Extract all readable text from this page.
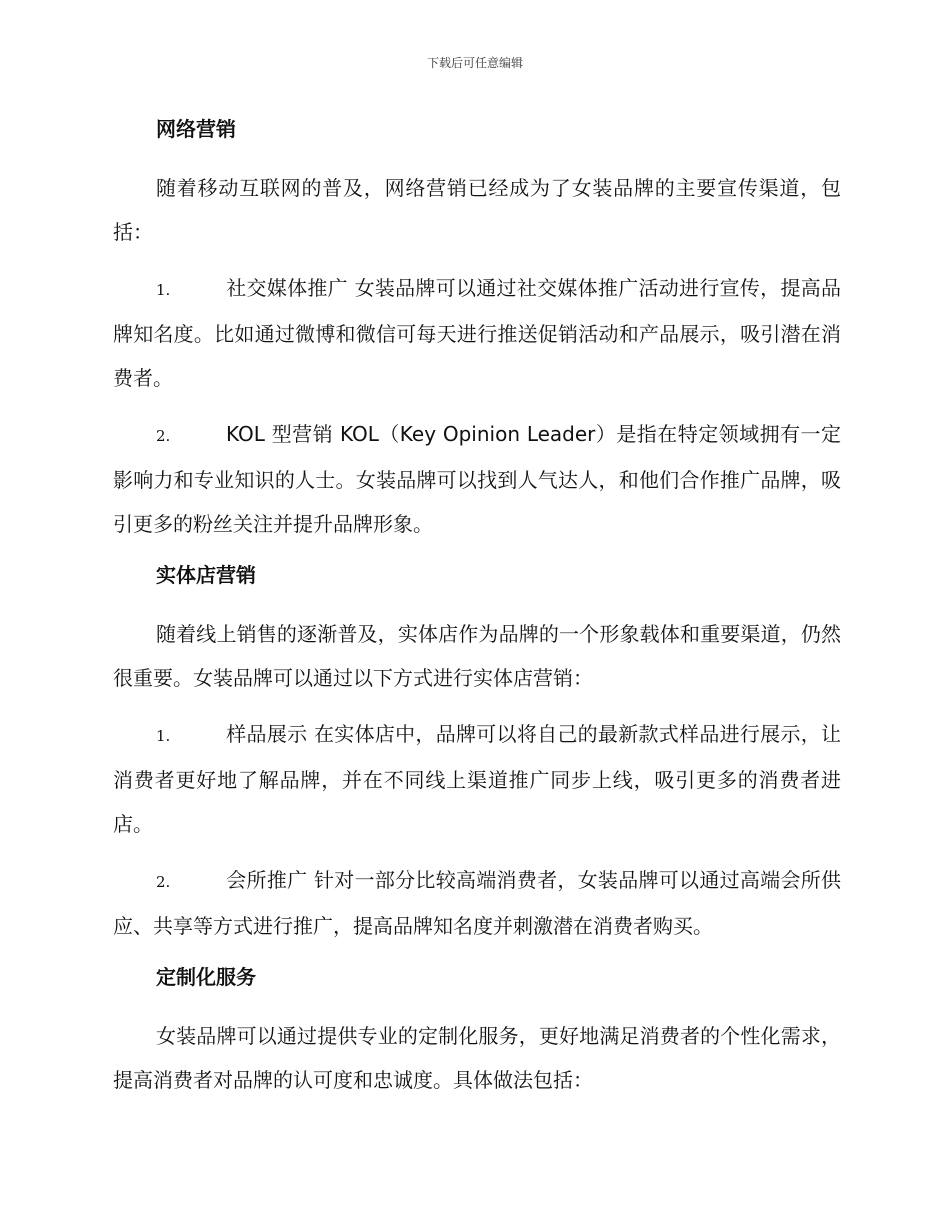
下载后可任意编辑

网络营销

随着移动互联网的普及，网络营销已经成为了女装品牌的主要宣传渠道，包括：

1.	社交媒体推广 女装品牌可以通过社交媒体推广活动进行宣传，提高品牌知名度。比如通过微博和微信可每天进行推送促销活动和产品展示，吸引潜在消费者。

2.	KOL 型营销 KOL（Key Opinion Leader）是指在特定领域拥有一定影响力和专业知识的人士。女装品牌可以找到人气达人，和他们合作推广品牌，吸引更多的粉丝关注并提升品牌形象。

实体店营销

随着线上销售的逐渐普及，实体店作为品牌的一个形象载体和重要渠道，仍然很重要。女装品牌可以通过以下方式进行实体店营销：

1.	样品展示 在实体店中，品牌可以将自己的最新款式样品进行展示，让消费者更好地了解品牌，并在不同线上渠道推广同步上线，吸引更多的消费者进店。

2.	会所推广 针对一部分比较高端消费者，女装品牌可以通过高端会所供应、共享等方式进行推广，提高品牌知名度并刺激潜在消费者购买。

定制化服务

女装品牌可以通过提供专业的定制化服务，更好地满足消费者的个性化需求，提高消费者对品牌的认可度和忠诚度。具体做法包括：
